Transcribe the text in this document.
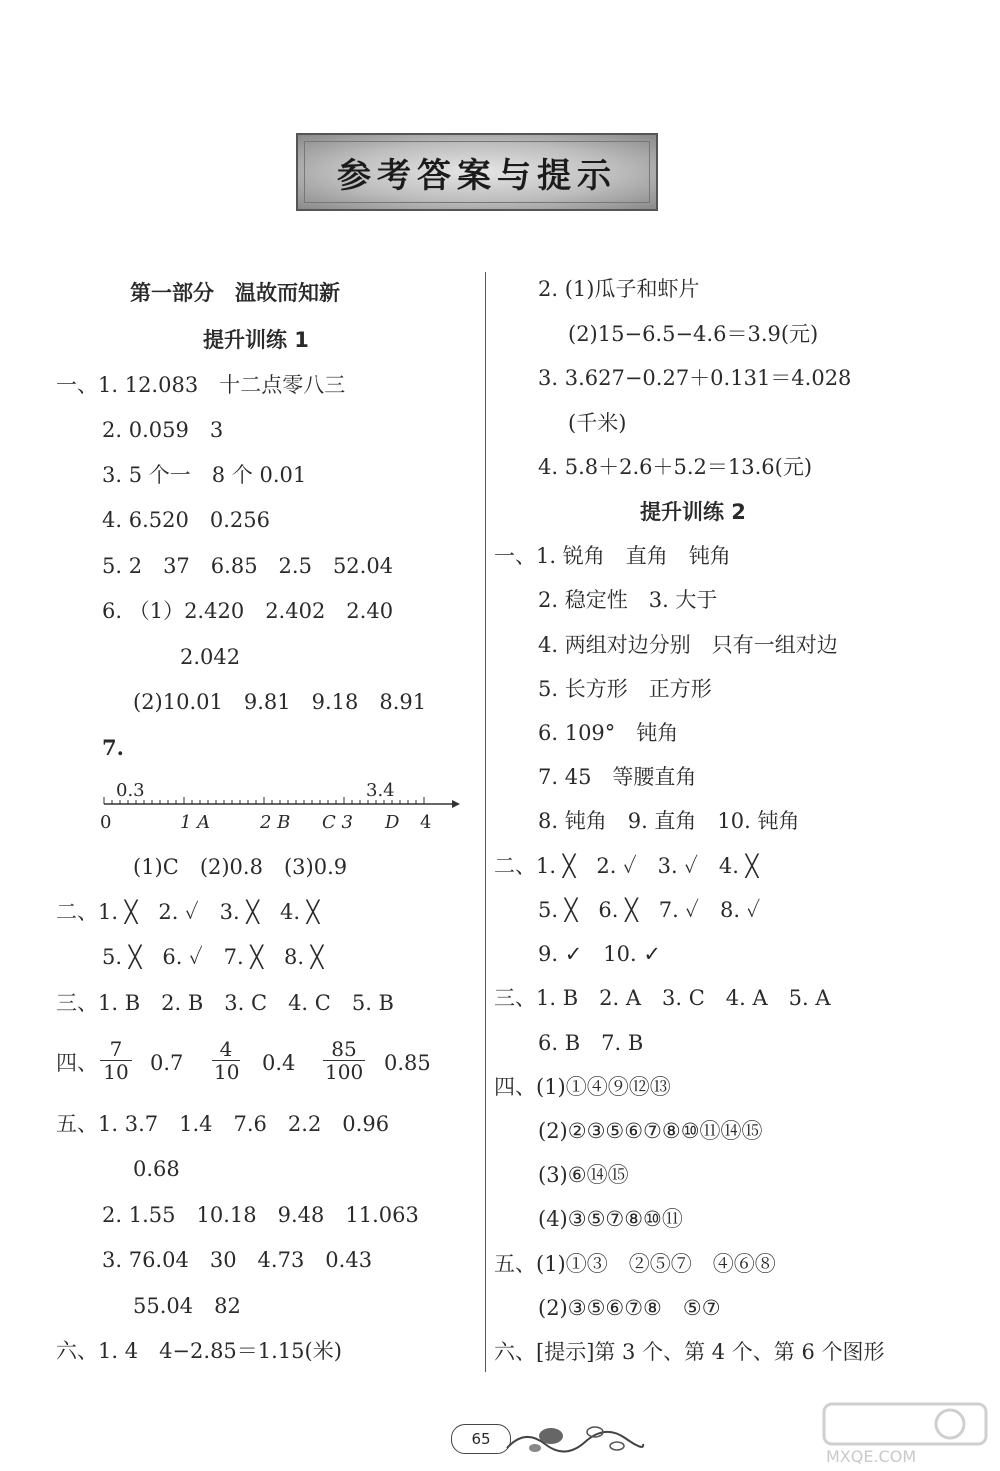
参考答案与提示
第一部分　温故而知新
提升训练 1
一、1. 12.083　十二点零八三
2. 0.059　3
3. 5 个一　8 个 0.01
4. 6.520　0.256
5. 2　37　6.85　2.5　52.04
6. （1）2.420　2.402　2.40
2.042
(2)10.01　9.81　9.18　8.91
7.
0.3	3.4
0	1 A	2 B C 3 D 4
(1)C　(2)0.8　(3)0.9
二、1. ╳　2. ✓　3. ╳　4. ╳
5. ╳　6. ✓　7. ╳　8. ╳
三、1. B　2. B　3. C　4. C　5. B
四、 $\frac{7}{10} 0.7 \frac{4}{10} 0.4 \frac{85}{100} 0.85$
五、1. 3.7　1.4　7.6　2.2　0.96
0.68
2. 1.55　10.18　9.48　11.063
3. 76.04　30　4.73　0.43
55.04　82
六、1. 4　4−2.85＝1.15(米)
2. (1)瓜子和虾片
(2)15−6.5−4.6＝3.9(元)
3. 3.627−0.27＋0.131＝4.028
(千米)
4. 5.8＋2.6＋5.2＝13.6(元)
提升训练 2
一、1. 锐角　直角　钝角
2. 稳定性　3. 大于
4. 两组对边分别　只有一组对边
5. 长方形　正方形
6. 109°　钝角
7. 45　等腰直角
8. 钝角　9. 直角　10. 钝角
二、1. ╳　2. ✓　3. ✓　4. ╳
5. ╳　6. ╳　7. ✓　8. ✓
9. ✓　10. ✓
三、1. B　2. A　3. C　4. A　5. A
6. B　7. B
四、(1)①④⑨⑫⑬
(2)②③⑤⑥⑦⑧⑩⑪⑭⑮
(3)⑥⑭⑮
(4)③⑤⑦⑧⑩⑪
五、(1)①③　②⑤⑦　④⑥⑧
(2)③⑤⑥⑦⑧　⑤⑦
六、[提示]第 3 个、第 4 个、第 6 个图形
65
MXQE.COM
